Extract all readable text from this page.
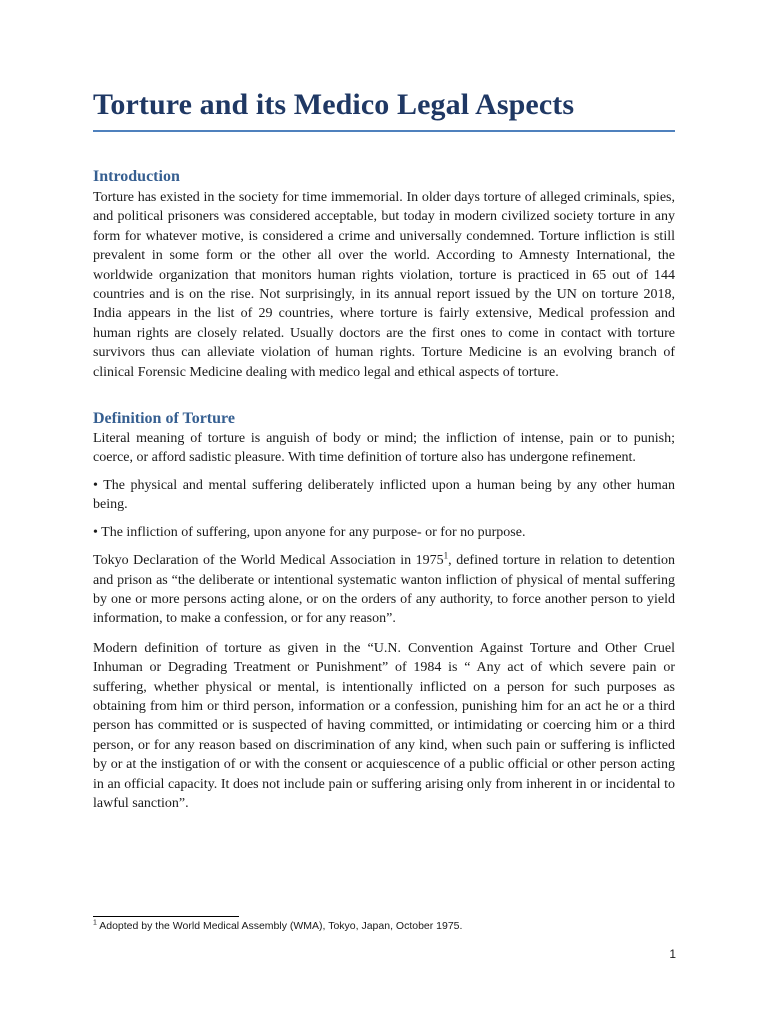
Torture and its Medico Legal Aspects
Introduction

Torture has existed in the society for time immemorial. In older days torture of alleged criminals, spies, and political prisoners was considered acceptable, but today in modern civilized society torture in any form for whatever motive, is considered a crime and universally condemned. Torture infliction is still prevalent in some form or the other all over the world. According to Amnesty International, the worldwide organization that monitors human rights violation, torture is practiced in 65 out of 144 countries and is on the rise. Not surprisingly, in its annual report issued by the UN on torture 2018, India appears in the list of 29 countries, where torture is fairly extensive, Medical profession and human rights are closely related. Usually doctors are the first ones to come in contact with torture survivors thus can alleviate violation of human rights. Torture Medicine is an evolving branch of clinical Forensic Medicine dealing with medico legal and ethical aspects of torture.

Definition of Torture

Literal meaning of torture is anguish of body or mind; the infliction of intense, pain or to punish; coerce, or afford sadistic pleasure. With time definition of torture also has undergone refinement.

• The physical and mental suffering deliberately inflicted upon a human being by any other human being.

• The infliction of suffering, upon anyone for any purpose- or for no purpose.

Tokyo Declaration of the World Medical Association in 1975$^1$, defined torture in relation to detention and prison as “the deliberate or intentional systematic wanton infliction of physical of mental suffering by one or more persons acting alone, or on the orders of any authority, to force another person to yield information, to make a confession, or for any reason”.

Modern definition of torture as given in the “U.N. Convention Against Torture and Other Cruel Inhuman or Degrading Treatment or Punishment” of 1984 is “ Any act of which severe pain or suffering, whether physical or mental, is intentionally inflicted on a person for such purposes as obtaining from him or third person, information or a confession, punishing him for an act he or a third person has committed or is suspected of having committed, or intimidating or coercing him or a third person, or for any reason based on discrimination of any kind, when such pain or suffering is inflicted by or at the instigation of or with the consent or acquiescence of a public official or other person acting in an official capacity. It does not include pain or suffering arising only from inherent in or incidental to lawful sanction”.

$^1$ Adopted by the World Medical Assembly (WMA), Tokyo, Japan, October 1975.
1
